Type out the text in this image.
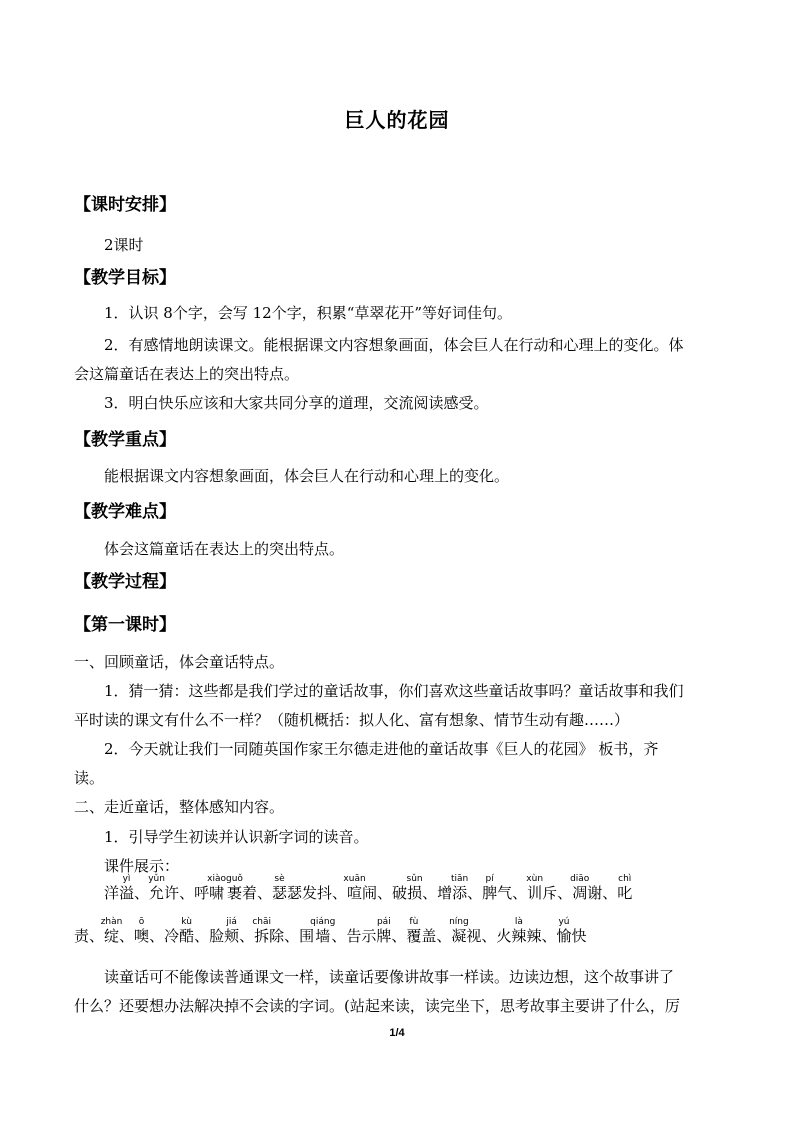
巨人的花园
【课时安排】
2课时
【教学目标】
1．认识 8个字，会写 12个字，积累“草翠花开”等好词佳句。
2．有感情地朗读课文。能根据课文内容想象画面，体会巨人在行动和心理上的变化。体
会这篇童话在表达上的突出特点。
3．明白快乐应该和大家共同分享的道理，交流阅读感受。
【教学重点】
能根据课文内容想象画面，体会巨人在行动和心理上的变化。
【教学难点】
体会这篇童话在表达上的突出特点。
【教学过程】
【第一课时】
一、回顾童话，体会童话特点。
1．猜一猜：这些都是我们学过的童话故事，你们喜欢这些童话故事吗？童话故事和我们
平时读的课文有什么不一样？（随机概括：拟人化、富有想象、情节生动有趣……）
2．今天就让我们一同随英国作家王尔德走进他的童话故事《巨人的花园》 板书，齐
读。
二、走近童话，整体感知内容。
1．引导学生初读并认识新字词的读音。
课件展示：
洋溢yì、允yǔn许、呼啸xiào裹guǒ着、瑟sè瑟发抖、喧xuān闹、破损sǔn、增添tiān、脾pí气、训xùn斥、凋diāo谢、叱chì
责、绽zhàn、噢ō、冷酷kù、脸颊jiá、拆chāi除、围墙qiáng、告示牌pái、覆fù盖、凝níng视、火辣là辣、愉yú快
读童话可不能像读普通课文一样，读童话要像讲故事一样读。边读边想，这个故事讲了
什么？还要想办法解决掉不会读的字词。(站起来读，读完坐下，思考故事主要讲了什么，厉
1/4
